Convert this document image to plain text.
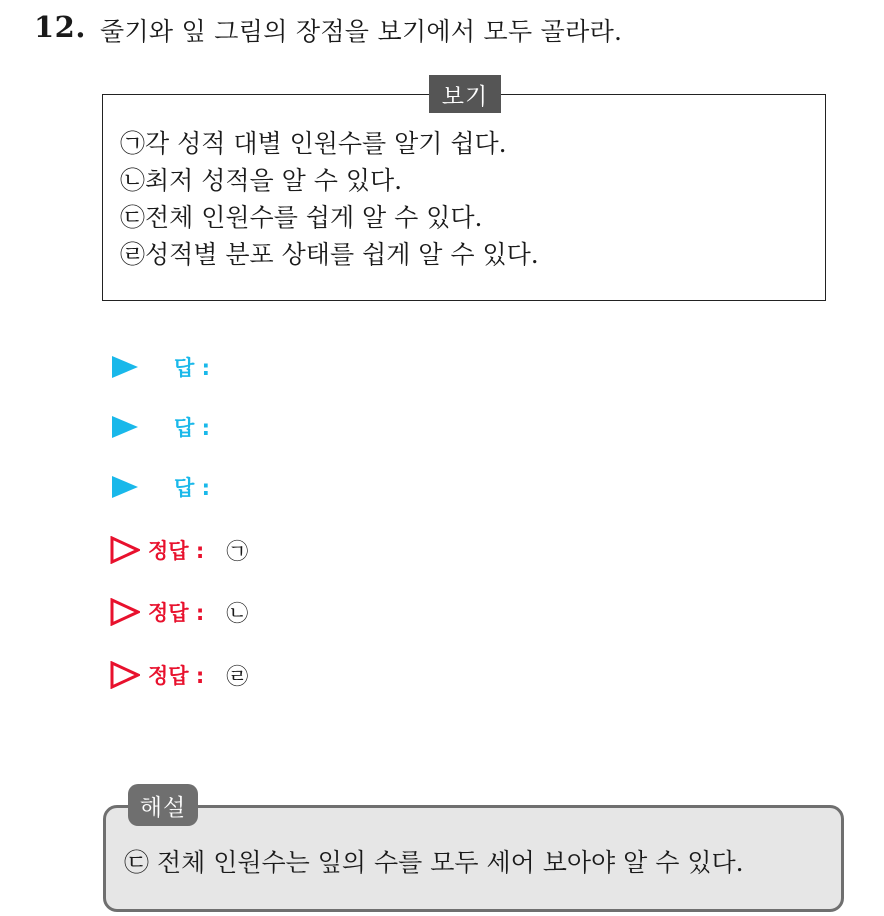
12. 줄기와 잎 그림의 장점을 보기에서 모두 골라라.
보기
㉠각 성적 대별 인원수를 알기 쉽다.
㉡최저 성적을 알 수 있다.
㉢전체 인원수를 쉽게 알 수 있다.
㉣성적별 분포 상태를 쉽게 알 수 있다.
답 :
답 :
답 :
정답 : ㉠
정답 : ㉡
정답 : ㉣
해설
㉢ 전체 인원수는 잎의 수를 모두 세어 보아야 알 수 있다.
